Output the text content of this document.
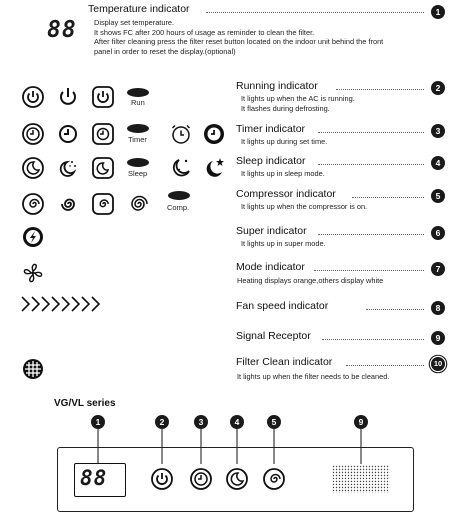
88
Run
Timer
Sleep
Comp.
Temperature indicator	1
Display set temperature.
It shows FC after 200 hours of usage as reminder to clean the filter.
After filter cleaning press the filter reset button located on the indoor unit behind the front
panel in order to reset the display.(optional)
Running indicator	2
It lights up when the AC is running.
It flashes during defrosting.
Timer indicator	3
It lights up during set time.
Sleep indicator	4
It lights up in sleep mode.
Compressor indicator	5
It lights up when the compressor is on.
Super indicator	6
It lights up in super mode.
Mode indicator	7
Heating displays orange,others display white
Fan speed indicator	8
Signal Receptor	9
Filter Clean indicator	10
It lights up when the filter needs to be cleaned.
VG/VL series
1	2	3	4	5	9
88
